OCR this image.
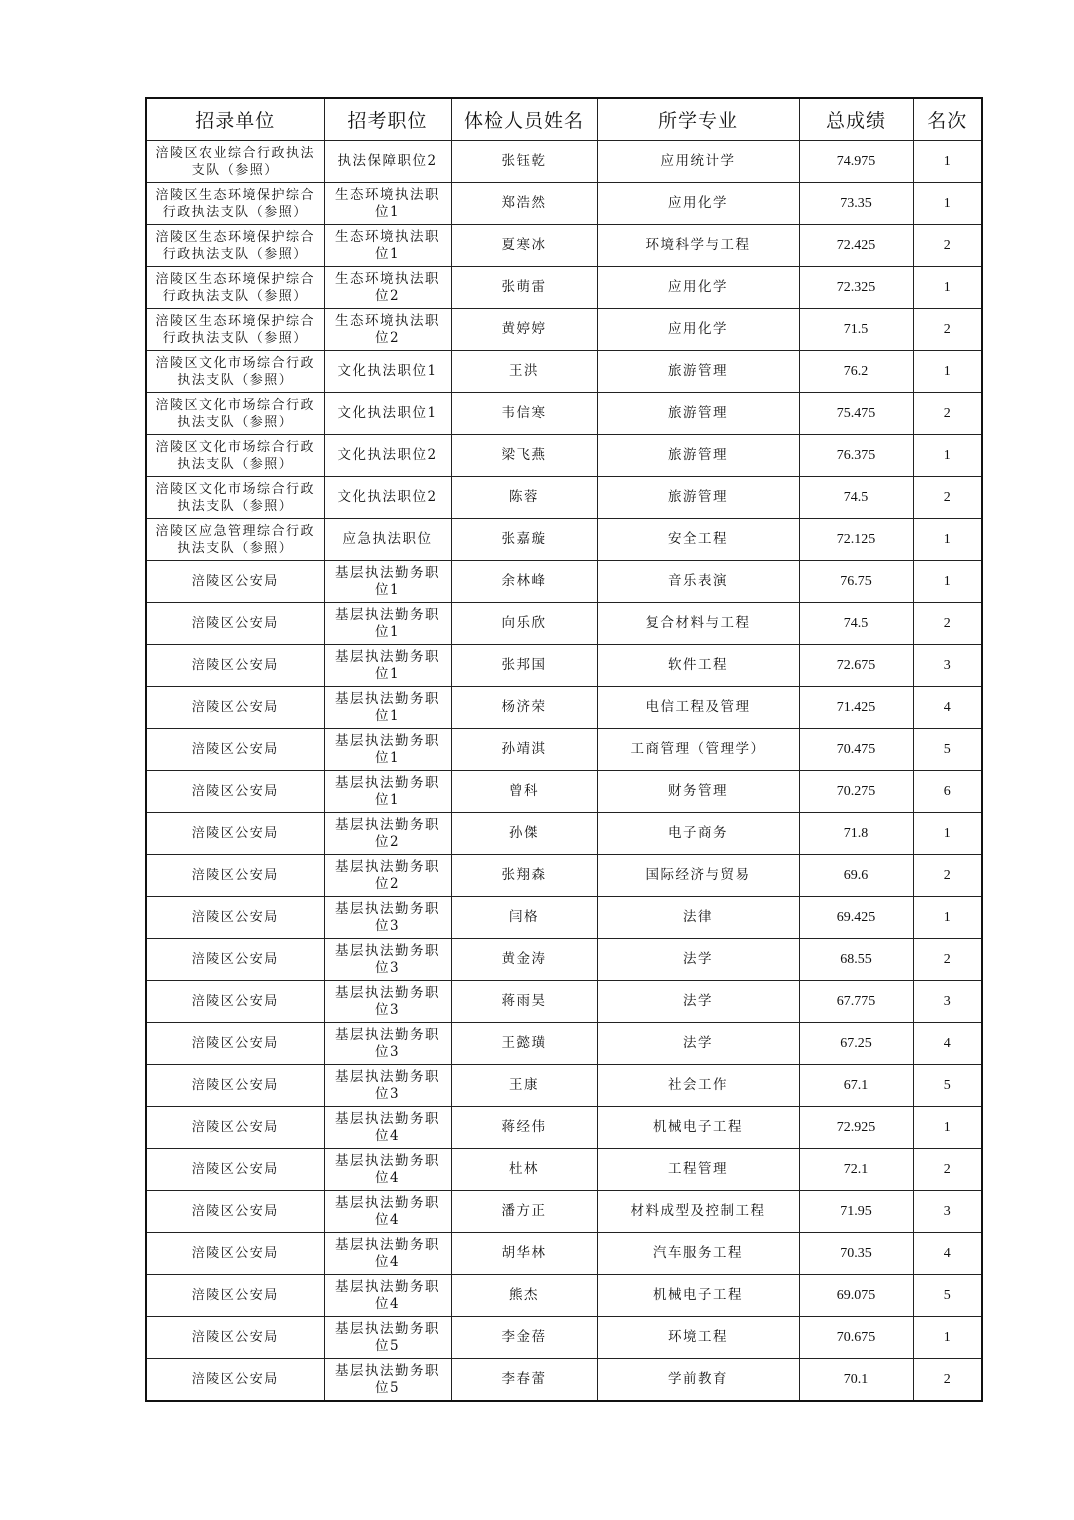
招录单位	招考职位	体检人员姓名	所学专业	总成绩	名次
涪陵区农业综合行政执法支队（参照）	执法保障职位2	张钰乾	应用统计学	74.975	1
涪陵区生态环境保护综合行政执法支队（参照）	生态环境执法职位1	郑浩然	应用化学	73.35	1
涪陵区生态环境保护综合行政执法支队（参照）	生态环境执法职位1	夏寒冰	环境科学与工程	72.425	2
涪陵区生态环境保护综合行政执法支队（参照）	生态环境执法职位2	张萌雷	应用化学	72.325	1
涪陵区生态环境保护综合行政执法支队（参照）	生态环境执法职位2	黄婷婷	应用化学	71.5	2
涪陵区文化市场综合行政执法支队（参照）	文化执法职位1	王洪	旅游管理	76.2	1
涪陵区文化市场综合行政执法支队（参照）	文化执法职位1	韦信寒	旅游管理	75.475	2
涪陵区文化市场综合行政执法支队（参照）	文化执法职位2	梁飞燕	旅游管理	76.375	1
涪陵区文化市场综合行政执法支队（参照）	文化执法职位2	陈蓉	旅游管理	74.5	2
涪陵区应急管理综合行政执法支队（参照）	应急执法职位	张嘉璇	安全工程	72.125	1
涪陵区公安局	基层执法勤务职位1	余林峰	音乐表演	76.75	1
涪陵区公安局	基层执法勤务职位1	向乐欣	复合材料与工程	74.5	2
涪陵区公安局	基层执法勤务职位1	张邦国	软件工程	72.675	3
涪陵区公安局	基层执法勤务职位1	杨济荣	电信工程及管理	71.425	4
涪陵区公安局	基层执法勤务职位1	孙靖淇	工商管理（管理学）	70.475	5
涪陵区公安局	基层执法勤务职位1	曾科	财务管理	70.275	6
涪陵区公安局	基层执法勤务职位2	孙傑	电子商务	71.8	1
涪陵区公安局	基层执法勤务职位2	张翔森	国际经济与贸易	69.6	2
涪陵区公安局	基层执法勤务职位3	闫格	法律	69.425	1
涪陵区公安局	基层执法勤务职位3	黄金涛	法学	68.55	2
涪陵区公安局	基层执法勤务职位3	蒋雨昊	法学	67.775	3
涪陵区公安局	基层执法勤务职位3	王懿璜	法学	67.25	4
涪陵区公安局	基层执法勤务职位3	王康	社会工作	67.1	5
涪陵区公安局	基层执法勤务职位4	蒋经伟	机械电子工程	72.925	1
涪陵区公安局	基层执法勤务职位4	杜林	工程管理	72.1	2
涪陵区公安局	基层执法勤务职位4	潘方正	材料成型及控制工程	71.95	3
涪陵区公安局	基层执法勤务职位4	胡华林	汽车服务工程	70.35	4
涪陵区公安局	基层执法勤务职位4	熊杰	机械电子工程	69.075	5
涪陵区公安局	基层执法勤务职位5	李金蓓	环境工程	70.675	1
涪陵区公安局	基层执法勤务职位5	李春蕾	学前教育	70.1	2
